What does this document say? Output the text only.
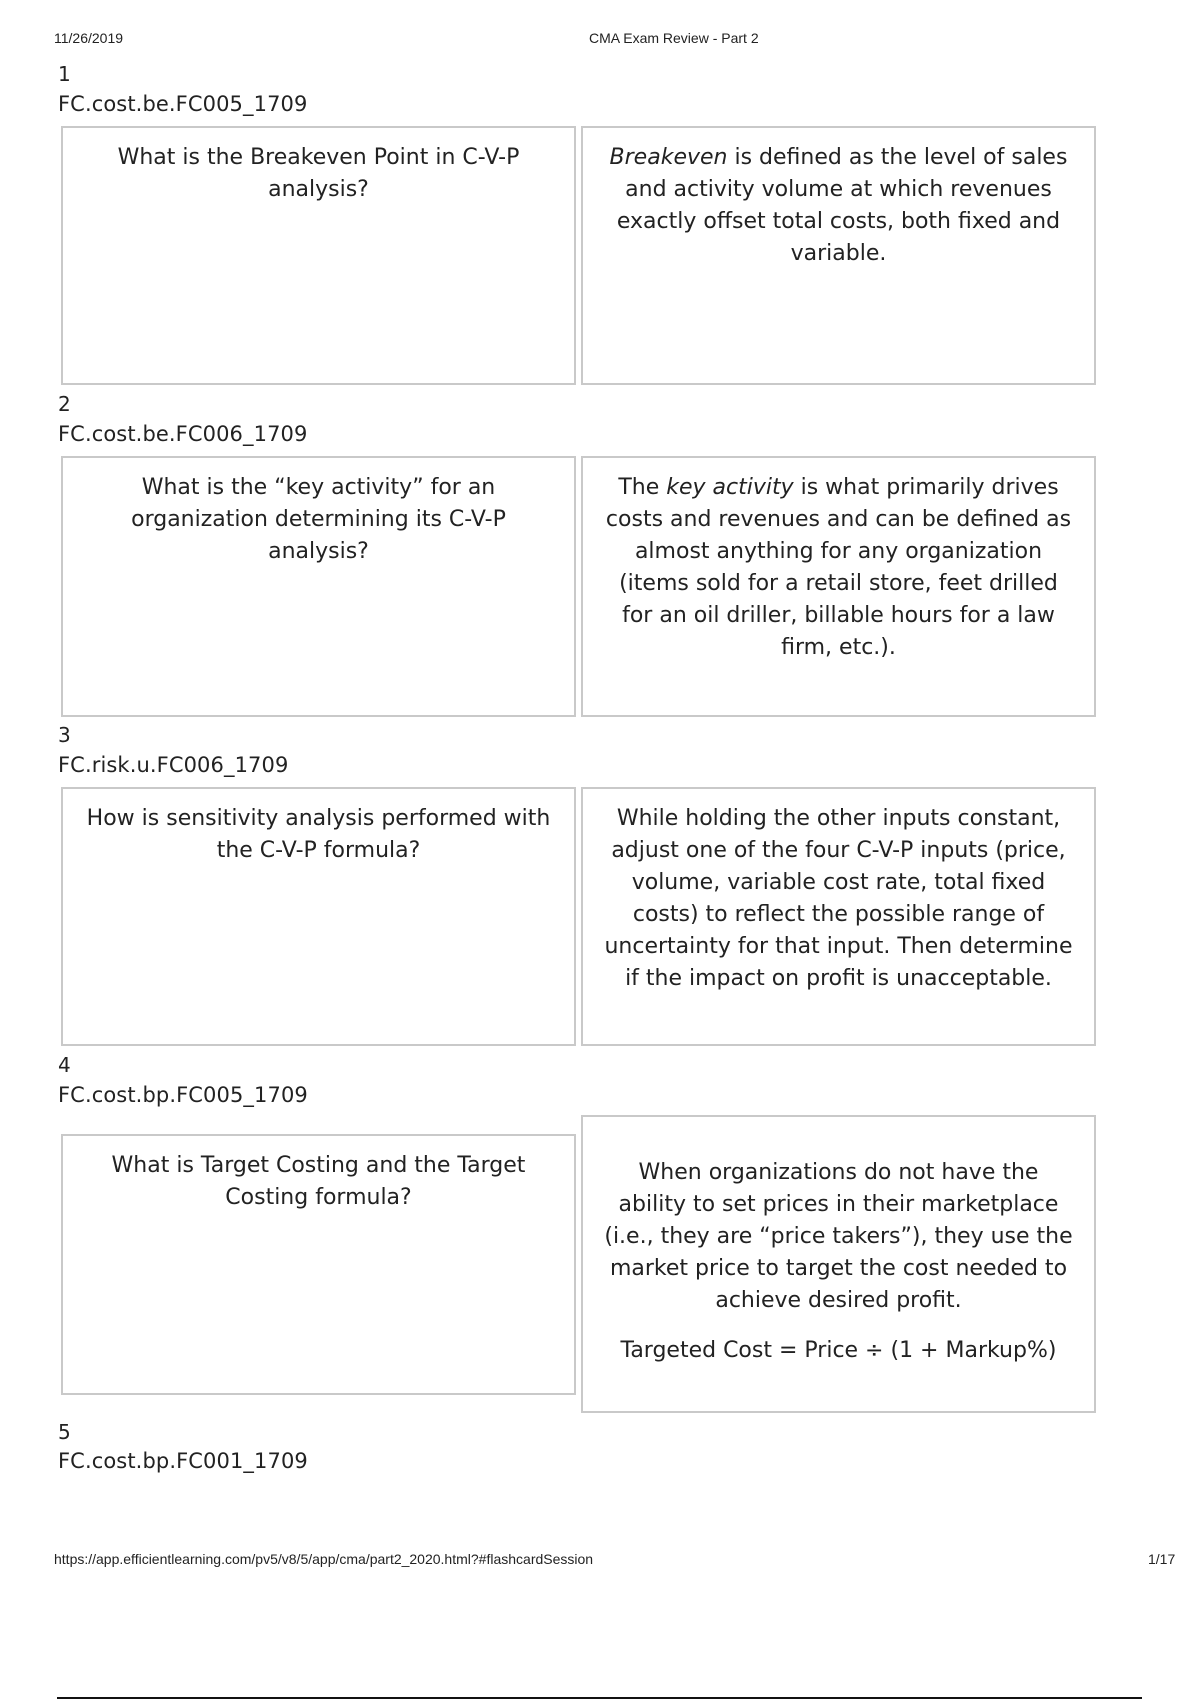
11/26/2019	CMA Exam Review - Part 2
1
FC.cost.be.FC005_1709
What is the Breakeven Point in C-V-P analysis?
Breakeven is defined as the level of sales and activity volume at which revenues exactly offset total costs, both fixed and variable.
2
FC.cost.be.FC006_1709
What is the “key activity” for an organization determining its C-V-P analysis?
The key activity is what primarily drives costs and revenues and can be defined as almost anything for any organization (items sold for a retail store, feet drilled for an oil driller, billable hours for a law firm, etc.).
3
FC.risk.u.FC006_1709
How is sensitivity analysis performed with the C-V-P formula?
While holding the other inputs constant, adjust one of the four C-V-P inputs (price, volume, variable cost rate, total fixed costs) to reflect the possible range of uncertainty for that input. Then determine if the impact on profit is unacceptable.
4
FC.cost.bp.FC005_1709
What is Target Costing and the Target Costing formula?
When organizations do not have the ability to set prices in their marketplace (i.e., they are “price takers”), they use the market price to target the cost needed to achieve desired profit.
Targeted Cost = Price ÷ (1 + Markup%)
5
FC.cost.bp.FC001_1709
https://app.efficientlearning.com/pv5/v8/5/app/cma/part2_2020.html?#flashcardSession	1/17
